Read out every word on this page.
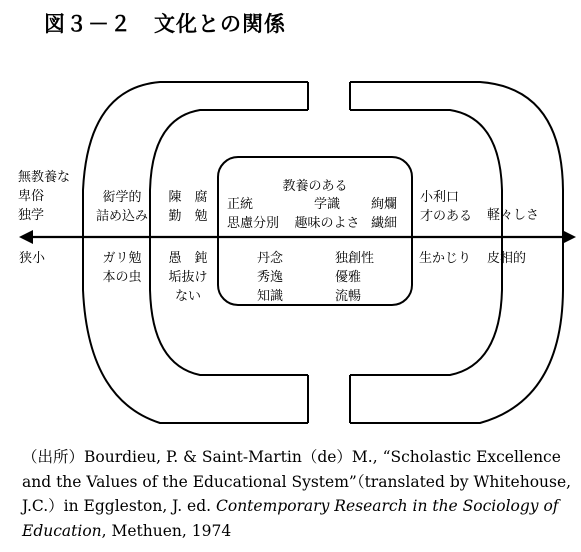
図３－２　文化との関係
無教養な
卑俗
独学
狭小
衒学的
詰め込み
ガリ勉
本の虫
陳　腐
勤　勉
愚　鈍
垢抜け
ない
教養のある
正統
思慮分別
学識
趣味のよさ
絢爛
繊細
丹念
秀逸
知識
独創性
優雅
流暢
小利口
才のある
生かじり
軽々しさ
皮相的
（出所）Bourdieu, P. & Saint-Martin（de）M., “Scholastic Excellence and the Values of the Educational System”（translated by Whitehouse, J.C.）in Eggleston, J. ed. Contemporary Research in the Sociology of Education, Methuen, 1974
